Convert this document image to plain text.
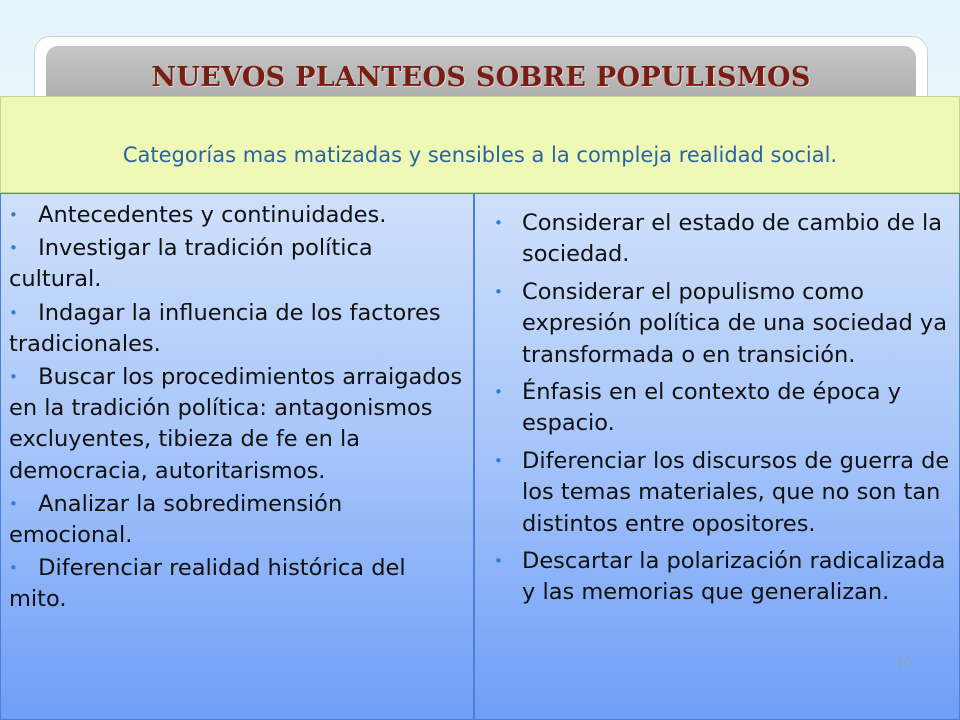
NUEVOS PLANTEOS SOBRE POPULISMOS
Categorías mas matizadas y sensibles a la compleja realidad social.
• Antecedentes y continuidades.
• Investigar la tradición política cultural.
• Indagar la influencia de los factores tradicionales.
• Buscar los procedimientos arraigados en la tradición política: antagonismos excluyentes, tibieza de fe en la democracia, autoritarismos.
• Analizar la sobredimensión emocional.
• Diferenciar realidad histórica del mito.
• Considerar el estado de cambio de la sociedad.
• Considerar el populismo como expresión política de una sociedad ya transformada o en transición.
• Énfasis en el contexto de época y espacio.
• Diferenciar los discursos de guerra de los temas materiales, que no son tan distintos entre opositores.
• Descartar la polarización radicalizada y las memorias que generalizan.
10
